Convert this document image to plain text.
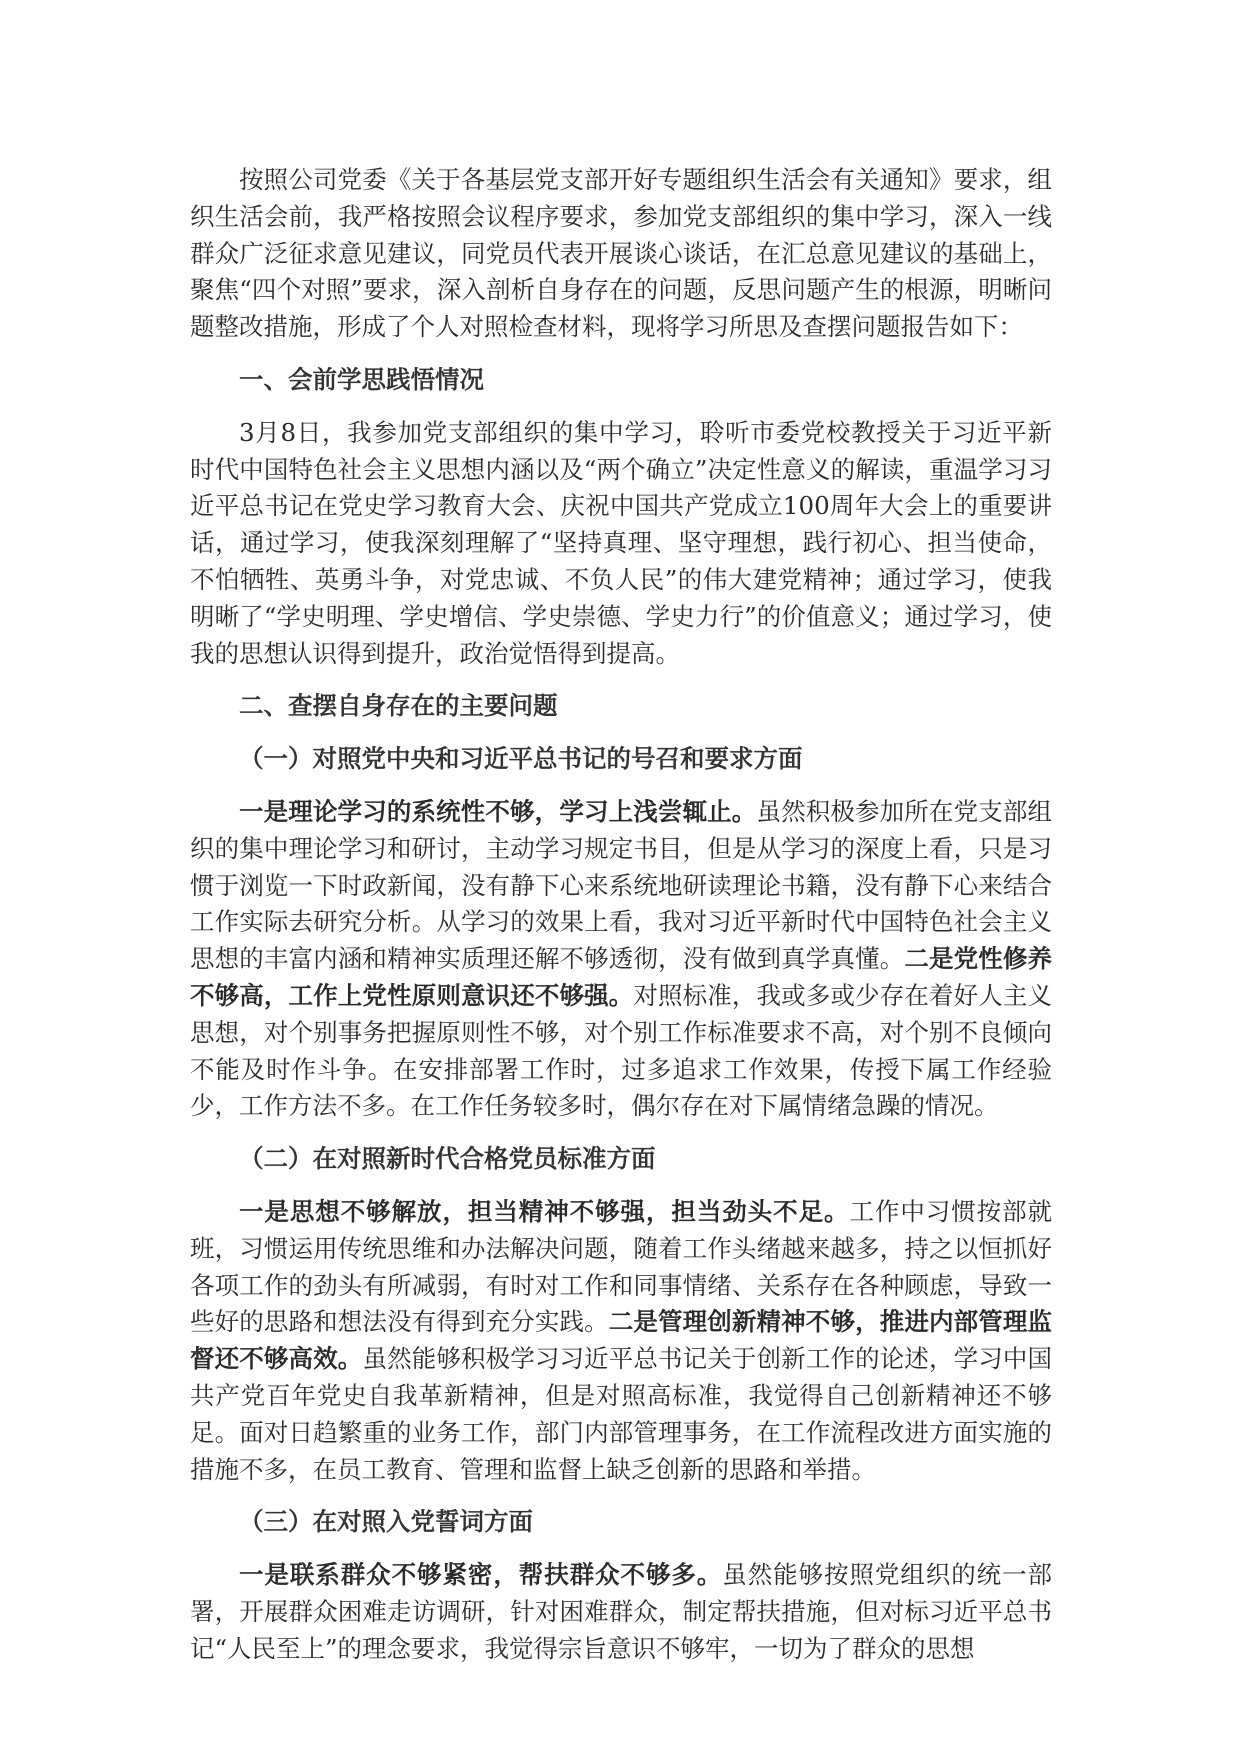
按照公司党委《关于各基层党支部开好专题组织生活会有关通知》要求，组织生活会前，我严格按照会议程序要求，参加党支部组织的集中学习，深入一线群众广泛征求意见建议，同党员代表开展谈心谈话，在汇总意见建议的基础上，聚焦“四个对照”要求，深入剖析自身存在的问题，反思问题产生的根源，明晰问题整改措施，形成了个人对照检查材料，现将学习所思及查摆问题报告如下：

一、会前学思践悟情况

3月8日，我参加党支部组织的集中学习，聆听市委党校教授关于习近平新时代中国特色社会主义思想内涵以及“两个确立”决定性意义的解读，重温学习习近平总书记在党史学习教育大会、庆祝中国共产党成立100周年大会上的重要讲话，通过学习，使我深刻理解了“坚持真理、坚守理想，践行初心、担当使命，不怕牺牲、英勇斗争，对党忠诚、不负人民”的伟大建党精神；通过学习，使我明晰了“学史明理、学史增信、学史崇德、学史力行”的价值意义；通过学习，使我的思想认识得到提升，政治觉悟得到提高。

二、查摆自身存在的主要问题

（一）对照党中央和习近平总书记的号召和要求方面

一是理论学习的系统性不够，学习上浅尝辄止。虽然积极参加所在党支部组织的集中理论学习和研讨，主动学习规定书目，但是从学习的深度上看，只是习惯于浏览一下时政新闻，没有静下心来系统地研读理论书籍，没有静下心来结合工作实际去研究分析。从学习的效果上看，我对习近平新时代中国特色社会主义思想的丰富内涵和精神实质理还解不够透彻，没有做到真学真懂。二是党性修养不够高，工作上党性原则意识还不够强。对照标准，我或多或少存在着好人主义思想，对个别事务把握原则性不够，对个别工作标准要求不高，对个别不良倾向不能及时作斗争。在安排部署工作时，过多追求工作效果，传授下属工作经验少，工作方法不多。在工作任务较多时，偶尔存在对下属情绪急躁的情况。

（二）在对照新时代合格党员标准方面

一是思想不够解放，担当精神不够强，担当劲头不足。工作中习惯按部就班，习惯运用传统思维和办法解决问题，随着工作头绪越来越多，持之以恒抓好各项工作的劲头有所减弱，有时对工作和同事情绪、关系存在各种顾虑，导致一些好的思路和想法没有得到充分实践。二是管理创新精神不够，推进内部管理监督还不够高效。虽然能够积极学习习近平总书记关于创新工作的论述，学习中国共产党百年党史自我革新精神，但是对照高标准，我觉得自己创新精神还不够足。面对日趋繁重的业务工作，部门内部管理事务，在工作流程改进方面实施的措施不多，在员工教育、管理和监督上缺乏创新的思路和举措。

（三）在对照入党誓词方面

一是联系群众不够紧密，帮扶群众不够多。虽然能够按照党组织的统一部署，开展群众困难走访调研，针对困难群众，制定帮扶措施，但对标习近平总书记“人民至上”的理念要求，我觉得宗旨意识不够牢，一切为了群众的思想
